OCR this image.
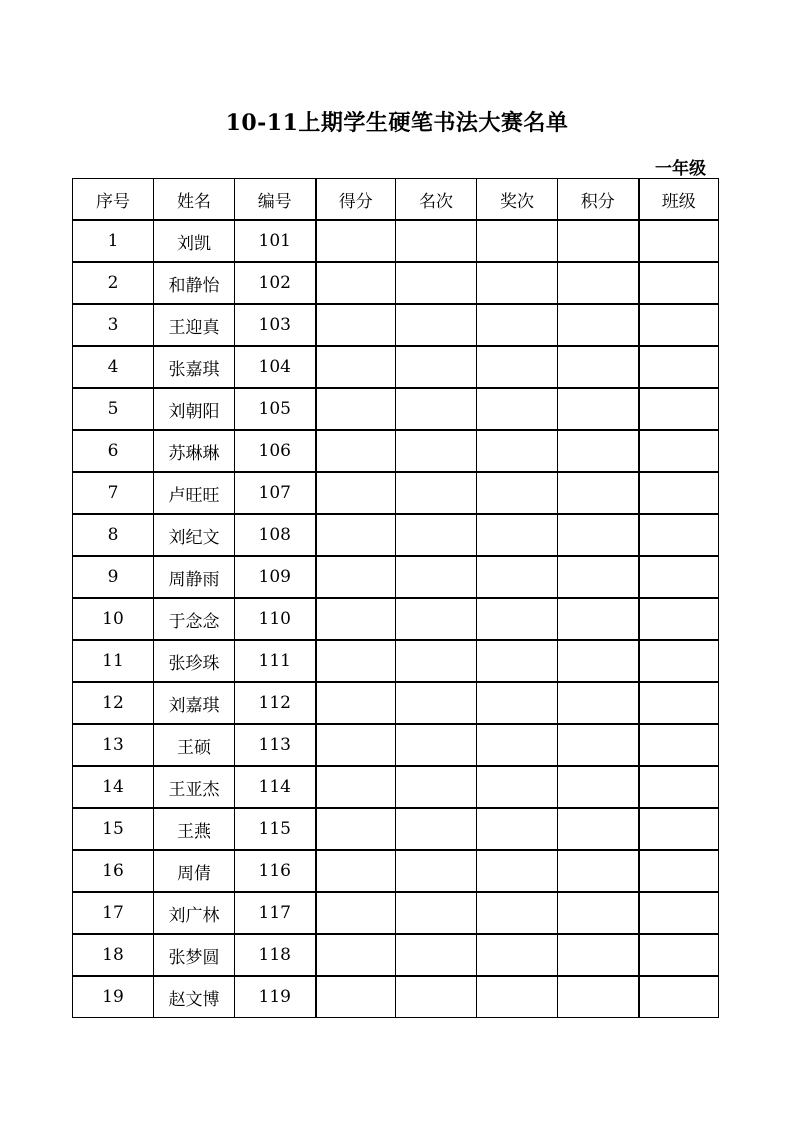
10-11上期学生硬笔书法大赛名单
一年级
序号	姓名	编号	得分	名次	奖次	积分	班级
1	刘凯	101					
2	和静怡	102					
3	王迎真	103					
4	张嘉琪	104					
5	刘朝阳	105					
6	苏琳琳	106					
7	卢旺旺	107					
8	刘纪文	108					
9	周静雨	109					
10	于念念	110					
11	张珍珠	111					
12	刘嘉琪	112					
13	王硕	113					
14	王亚杰	114					
15	王燕	115					
16	周倩	116					
17	刘广林	117					
18	张梦圆	118					
19	赵文博	119					
